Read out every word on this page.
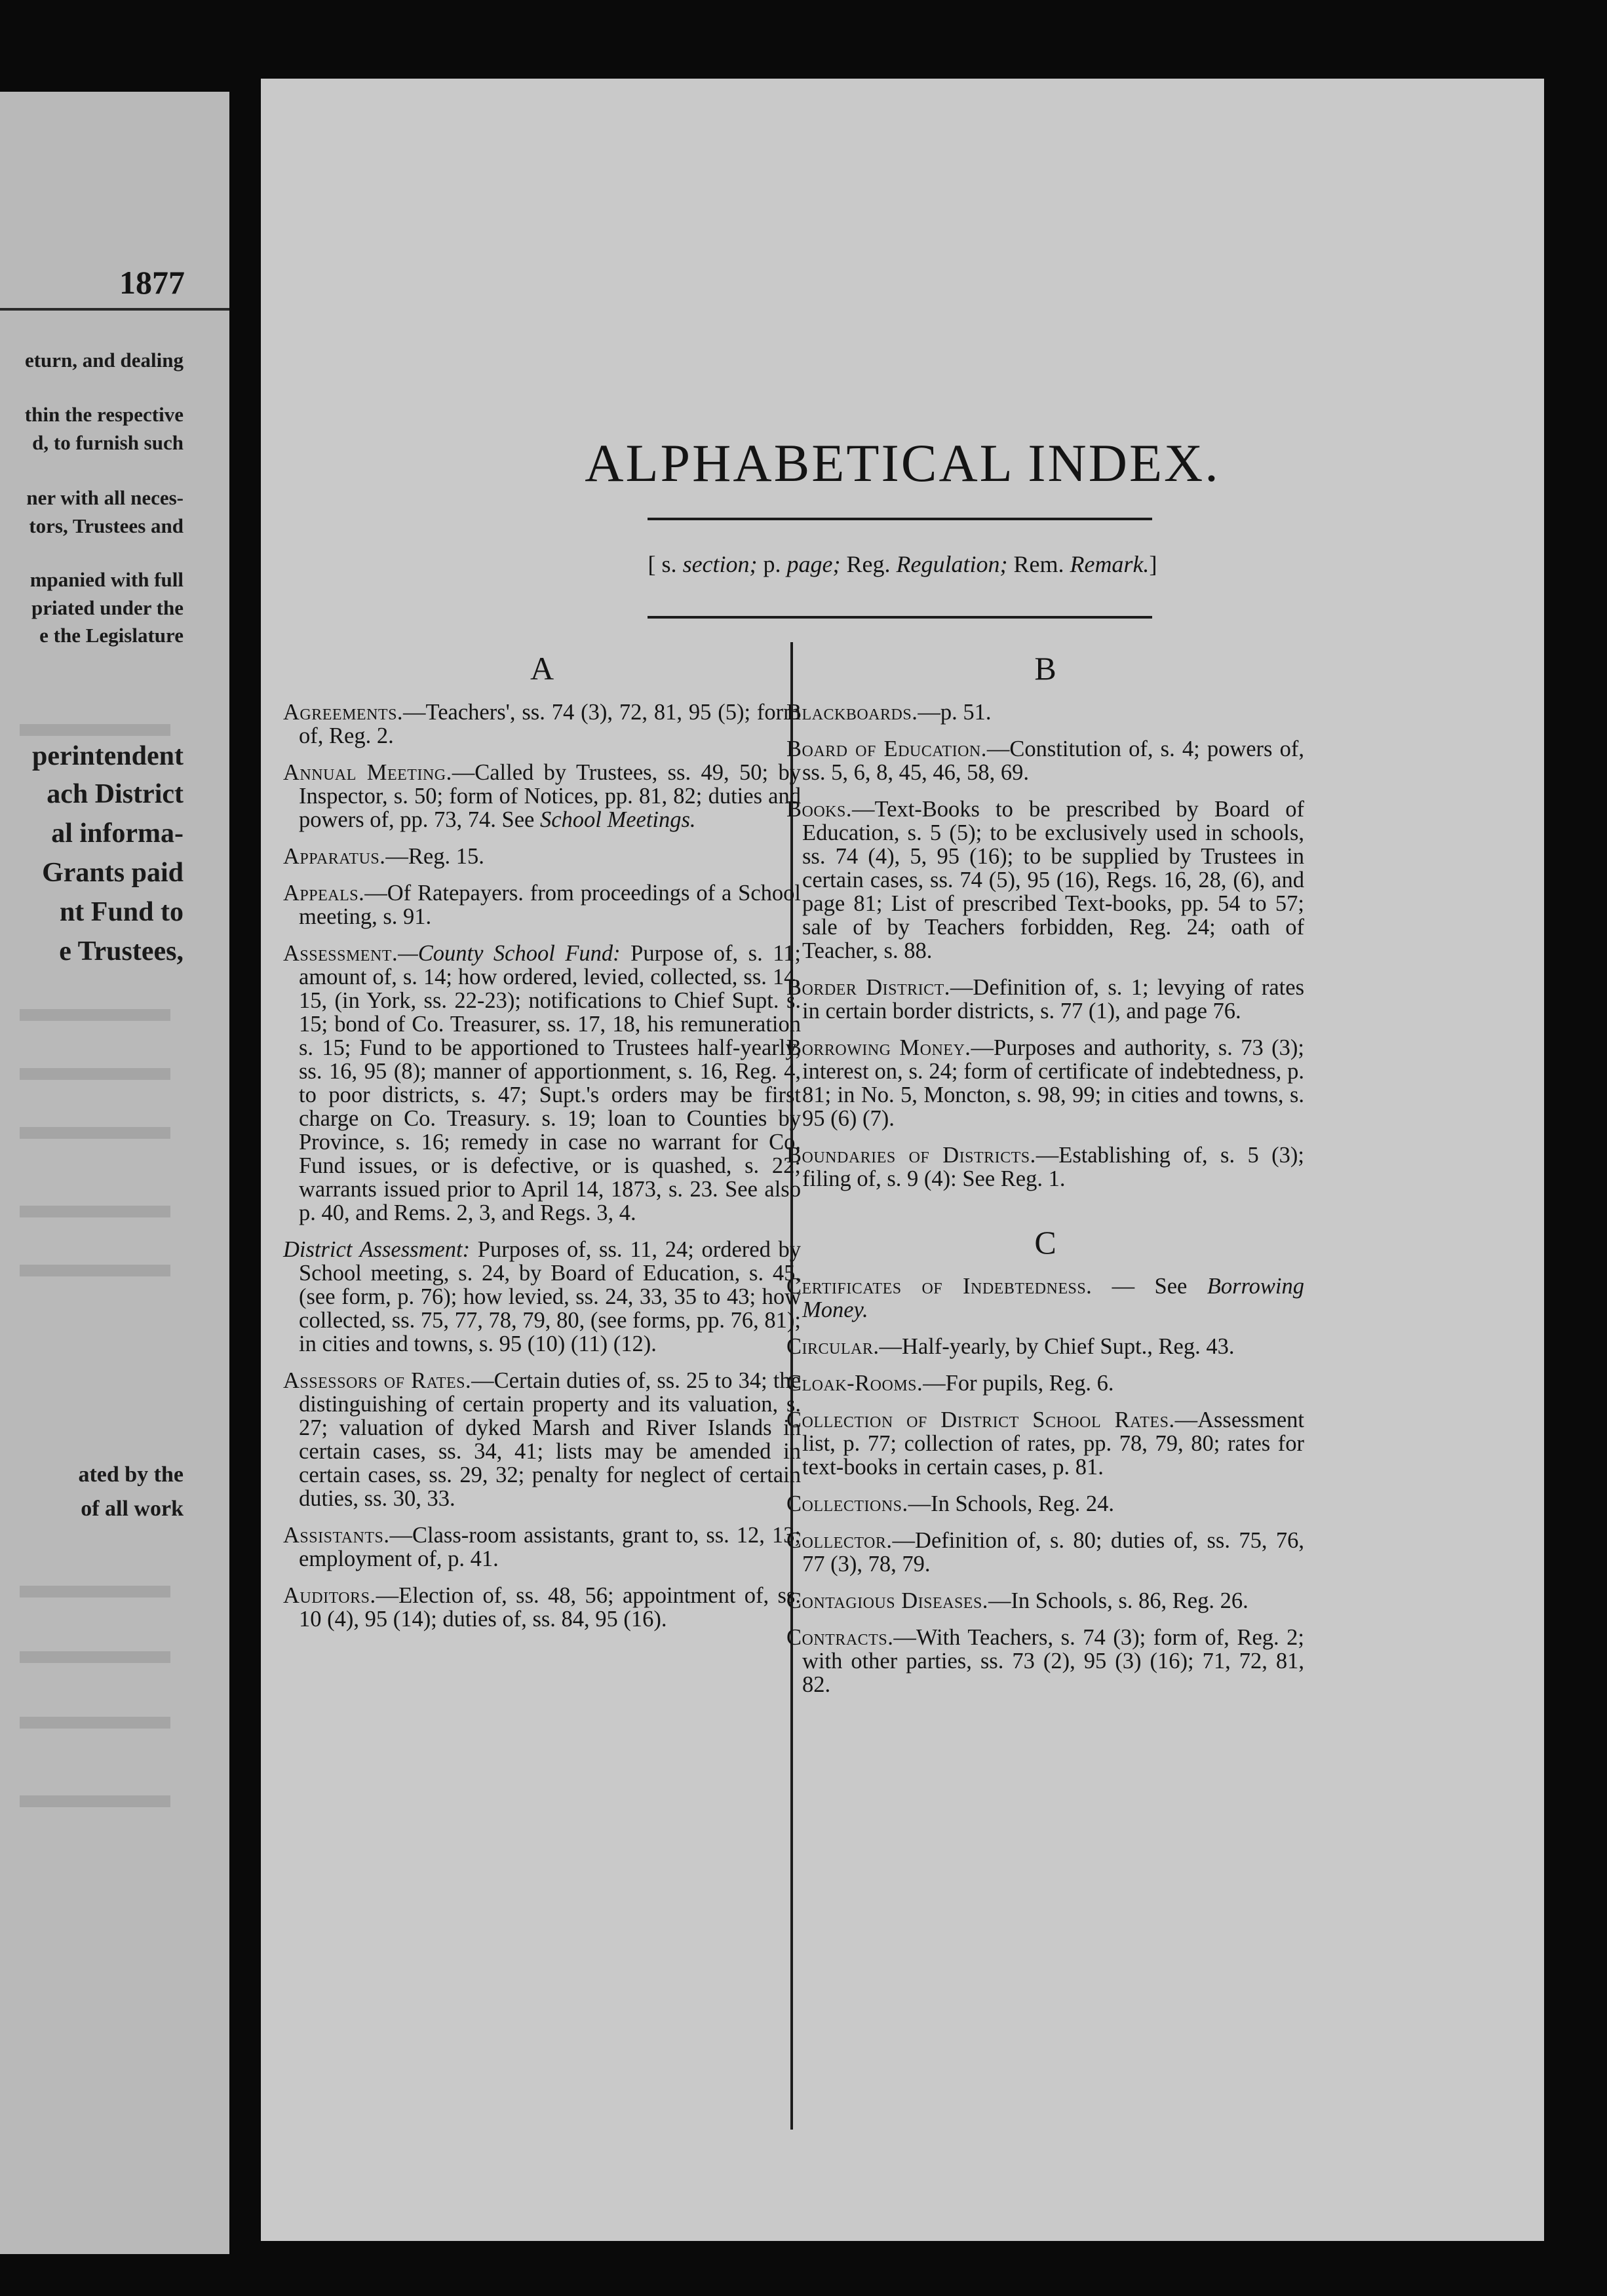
1877
eturn, and dealing
thin the respective
d, to furnish such
ner with all neces-
tors, Trustees and
mpanied with full
priated under the
e the Legislature
perintendent
ach District
al informa-
Grants paid
nt Fund to
e Trustees,
ated by the
of all work
ALPHABETICAL INDEX.
[ s. section; p. page; Reg. Regulation; Rem. Remark.]
A

Agreements.—Teachers', ss. 74 (3), 72, 81, 95 (5); form of, Reg. 2.

Annual Meeting.—Called by Trustees, ss. 49, 50; by Inspector, s. 50; form of Notices, pp. 81, 82; duties and powers of, pp. 73, 74. See School Meetings.

Apparatus.—Reg. 15.

Appeals.—Of Ratepayers. from proceedings of a School meeting, s. 91.

Assessment.—County School Fund: Purpose of, s. 11; amount of, s. 14; how ordered, levied, collected, ss. 14, 15, (in York, ss. 22-23); notifications to Chief Supt. s. 15; bond of Co. Treasurer, ss. 17, 18, his remuneration s. 15; Fund to be apportioned to Trustees half-yearly, ss. 16, 95 (8); manner of apportionment, s. 16, Reg. 4, to poor districts, s. 47; Supt.'s orders may be first charge on Co. Treasury. s. 19; loan to Counties by Province, s. 16; remedy in case no warrant for Co. Fund issues, or is defective, or is quashed, s. 22; warrants issued prior to April 14, 1873, s. 23. See also p. 40, and Rems. 2, 3, and Regs. 3, 4.

District Assessment: Purposes of, ss. 11, 24; ordered by School meeting, s. 24, by Board of Education, s. 45, (see form, p. 76); how levied, ss. 24, 33, 35 to 43; how collected, ss. 75, 77, 78, 79, 80, (see forms, pp. 76, 81); in cities and towns, s. 95 (10) (11) (12).

Assessors of Rates.—Certain duties of, ss. 25 to 34; the distinguishing of certain property and its valuation, s. 27; valuation of dyked Marsh and River Islands in certain cases, ss. 34, 41; lists may be amended in certain cases, ss. 29, 32; penalty for neglect of certain duties, ss. 30, 33.

Assistants.—Class-room assistants, grant to, ss. 12, 13; employment of, p. 41.

Auditors.—Election of, ss. 48, 56; appointment of, ss. 10 (4), 95 (14); duties of, ss. 84, 95 (16).

B

Blackboards.—p. 51.

Board of Education.—Constitution of, s. 4; powers of, ss. 5, 6, 8, 45, 46, 58, 69.

Books.—Text-Books to be prescribed by Board of Education, s. 5 (5); to be exclusively used in schools, ss. 74 (4), 5, 95 (16); to be supplied by Trustees in certain cases, ss. 74 (5), 95 (16), Regs. 16, 28, (6), and page 81; List of prescribed Text-books, pp. 54 to 57; sale of by Teachers forbidden, Reg. 24; oath of Teacher, s. 88.

Border District.—Definition of, s. 1; levying of rates in certain border districts, s. 77 (1), and page 76.

Borrowing Money.—Purposes and authority, s. 73 (3); interest on, s. 24; form of certificate of indebtedness, p. 81; in No. 5, Moncton, s. 98, 99; in cities and towns, s. 95 (6) (7).

Boundaries of Districts.—Establishing of, s. 5 (3); filing of, s. 9 (4): See Reg. 1.

C

Certificates of Indebtedness. — See Borrowing Money.

Circular.—Half-yearly, by Chief Supt., Reg. 43.

Cloak-Rooms.—For pupils, Reg. 6.

Collection of District School Rates.—Assessment list, p. 77; collection of rates, pp. 78, 79, 80; rates for text-books in certain cases, p. 81.

Collections.—In Schools, Reg. 24.

Collector.—Definition of, s. 80; duties of, ss. 75, 76, 77 (3), 78, 79.

Contagious Diseases.—In Schools, s. 86, Reg. 26.

Contracts.—With Teachers, s. 74 (3); form of, Reg. 2; with other parties, ss. 73 (2), 95 (3) (16); 71, 72, 81, 82.
